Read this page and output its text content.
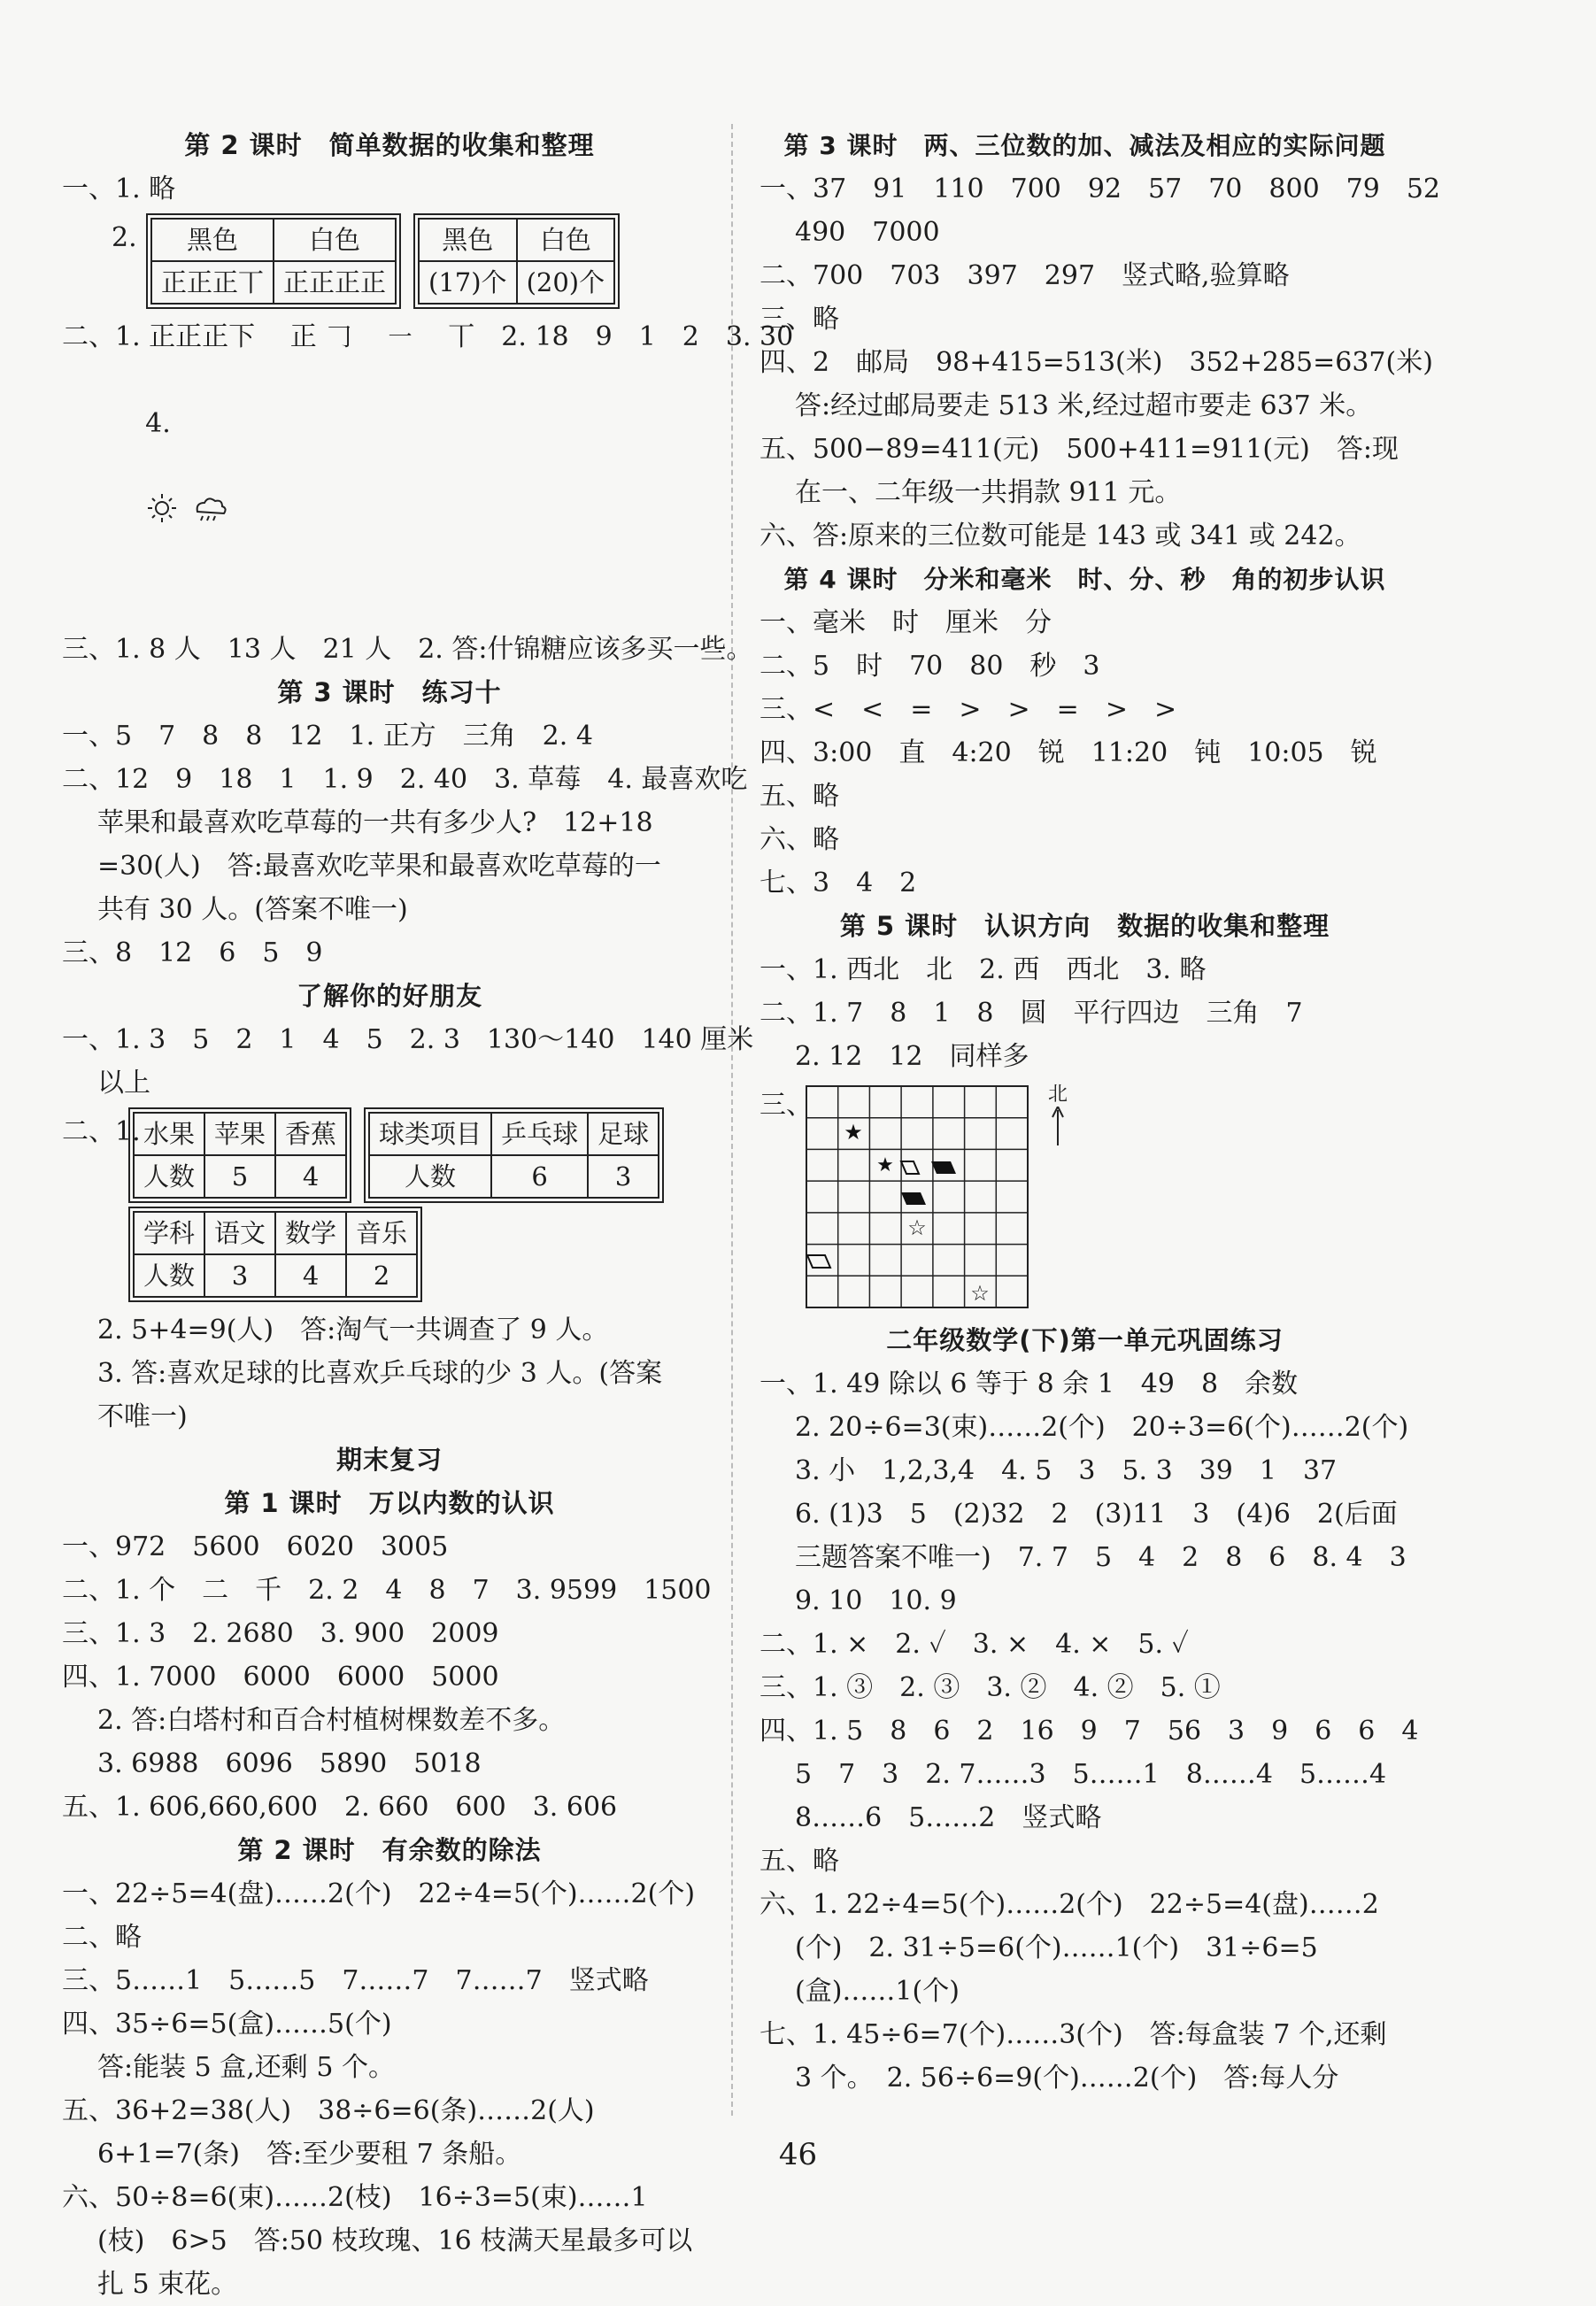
第 2 课时　简单数据的收集和整理
一、1. 略
2.	黑色	白色
正正正丅	正正正正
黑色	白色
(17)个	(20)个
二、1. 正正正下　 正 𠃌　 ㇐　 丅　2. 18　9　1　2　3. 30

4.

三、1. 8 人　13 人　21 人　2. 答:什锦糖应该多买一些。
第 3 课时　练习十
一、5　7　8　8　12　1. 正方　三角　2. 4
二、12　9　18　1　1. 9　2. 40　3. 草莓　4. 最喜欢吃
苹果和最喜欢吃草莓的一共有多少人?　12+18
=30(人)　答:最喜欢吃苹果和最喜欢吃草莓的一
共有 30 人。(答案不唯一)
三、8　12　6　5　9
了解你的好朋友
一、1. 3　5　2　1　4　5　2. 3　130～140　140 厘米
以上
二、1. 水果	苹果	香蕉
人数	5	4
球类项目	乒乓球	足球
人数	6	3
学科	语文	数学	音乐
人数	3	4	2
2. 5+4=9(人)　答:淘气一共调查了 9 人。
3. 答:喜欢足球的比喜欢乒乓球的少 3 人。(答案
不唯一)
期末复习
第 1 课时　万以内数的认识
一、972　5600　6020　3005
二、1. 个　二　千　2. 2　4　8　7　3. 9599　1500
三、1. 3　2. 2680　3. 900　2009
四、1. 7000　6000　6000　5000
2. 答:白塔村和百合村植树棵数差不多。
3. 6988　6096　5890　5018
五、1. 606,660,600　2. 660　600　3. 606
第 2 课时　有余数的除法
一、22÷5=4(盘)……2(个)　22÷4=5(个)……2(个)
二、略
三、5……1　5……5　7……7　7……7　竖式略
四、35÷6=5(盒)……5(个)
答:能装 5 盒,还剩 5 个。
五、36+2=38(人)　38÷6=6(条)……2(人)
6+1=7(条)　答:至少要租 7 条船。
六、50÷8=6(束)……2(枝)　16÷3=5(束)……1
(枝)　6>5　答:50 枝玫瑰、16 枝满天星最多可以
扎 5 束花。
第 3 课时　两、三位数的加、减法及相应的实际问题
一、37　91　110　700　92　57　70　800　79　52
490　7000
二、700　703　397　297　竖式略,验算略
三、略
四、2　邮局　98+415=513(米)　352+285=637(米)
答:经过邮局要走 513 米,经过超市要走 637 米。
五、500−89=411(元)　500+411=911(元)　答:现
在一、二年级一共捐款 911 元。
六、答:原来的三位数可能是 143 或 341 或 242。
第 4 课时　分米和毫米　时、分、秒　角的初步认识
一、毫米　时　厘米　分
二、5　时　70　80　秒　3
三、<　<　=　>　>　=　>　>
四、3:00　直　4:20　锐　11:20　钝　10:05　锐
五、略
六、略
七、3　4　2
第 5 课时　认识方向　数据的收集和整理
一、1. 西北　北　2. 西　西北　3. 略
二、1. 7　8　1　8　圆　平行四边　三角　7
2. 12　12　同样多
三、
★
★
☆
☆
北
二年级数学(下)第一单元巩固练习
一、1. 49 除以 6 等于 8 余 1　49　8　余数
2. 20÷6=3(束)……2(个)　20÷3=6(个)……2(个)
3. 小　1,2,3,4　4. 5　3　5. 3　39　1　37
6. (1)3　5　(2)32　2　(3)11　3　(4)6　2(后面
三题答案不唯一)　7. 7　5　4　2　8　6　8. 4　3
9. 10　10. 9
二、1. ×　2. ✓　3. ×　4. ×　5. ✓
三、1. ③　2. ③　3. ②　4. ②　5. ①
四、1. 5　8　6　2　16　9　7　56　3　9　6　6　4
5　7　3　2. 7……3　5……1　8……4　5……4
8……6　5……2　竖式略
五、略
六、1. 22÷4=5(个)……2(个)　22÷5=4(盘)……2
(个)　2. 31÷5=6(个)……1(个)　31÷6=5
(盒)……1(个)
七、1. 45÷6=7(个)……3(个)　答:每盒装 7 个,还剩
3 个。　2. 56÷6=9(个)……2(个)　答:每人分
46
